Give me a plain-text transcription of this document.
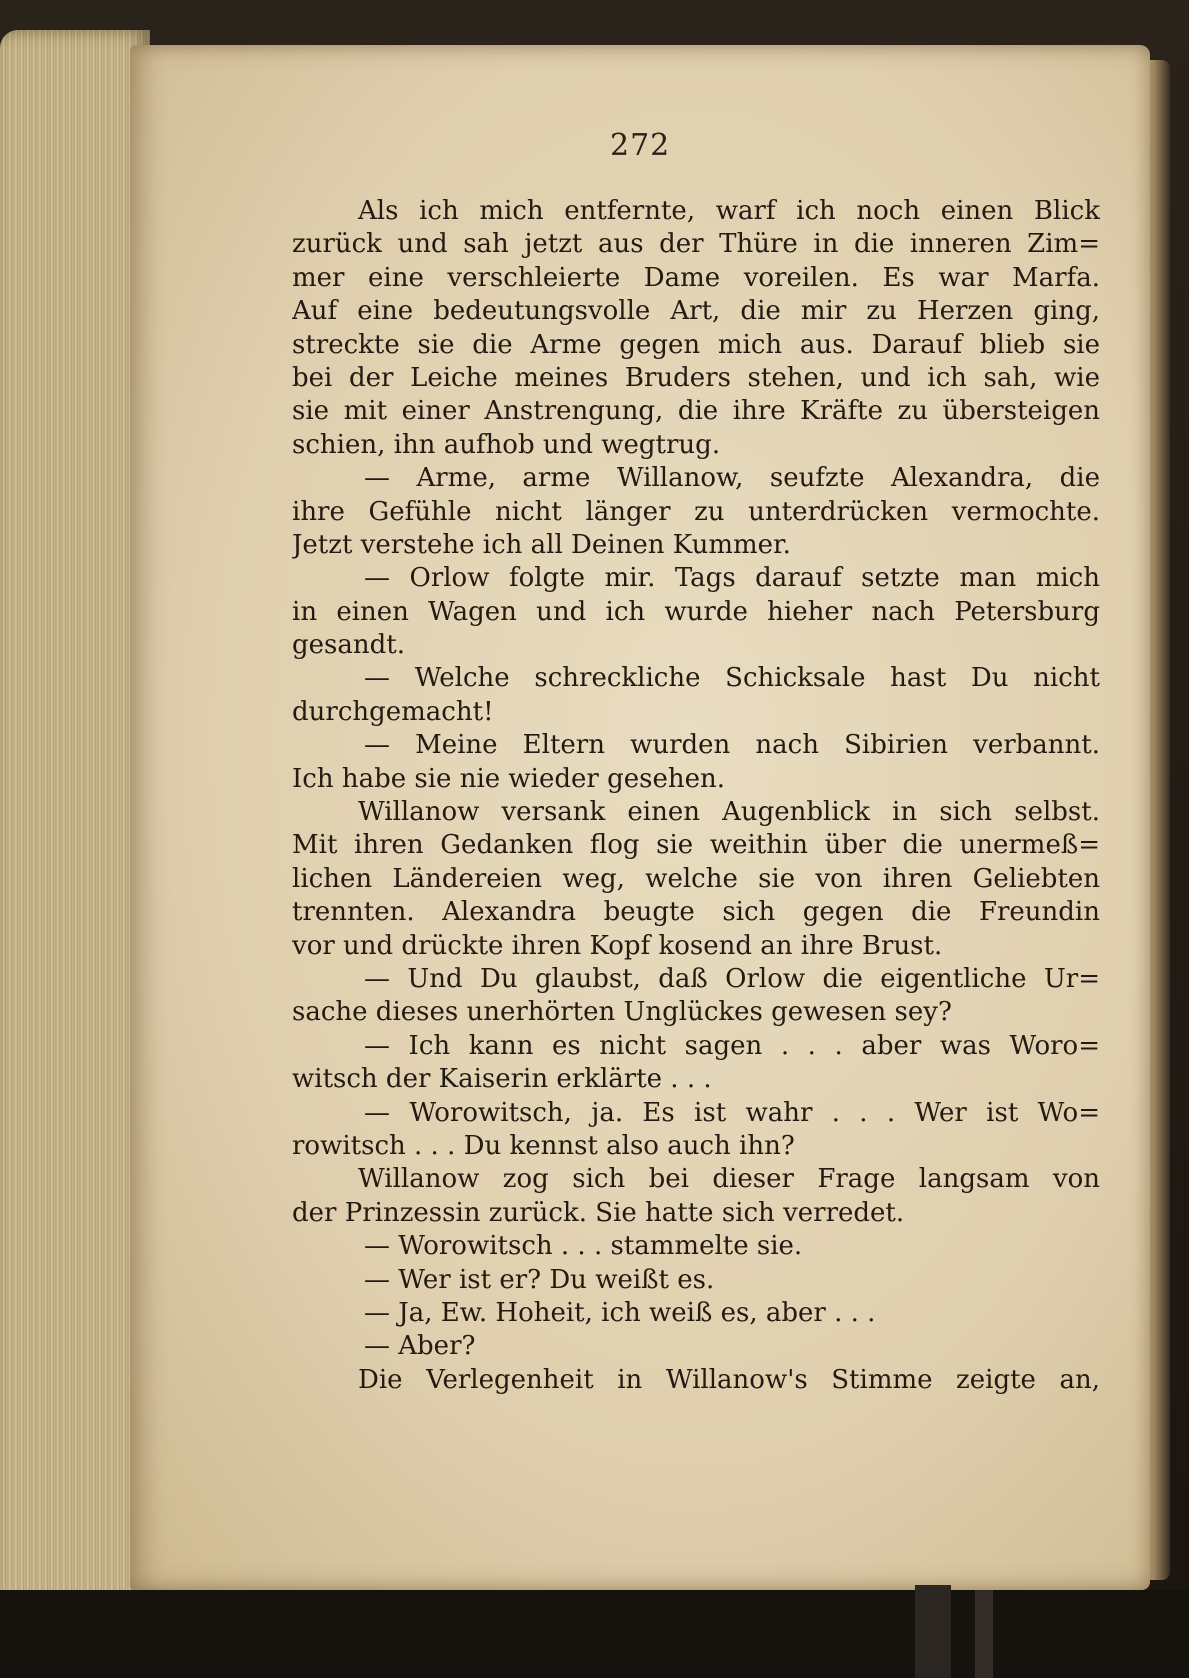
272
Als ich mich entfernte, warf ich noch einen Blick
zurück und sah jetzt aus der Thüre in die inneren Zim=
mer eine verschleierte Dame voreilen. Es war Marfa.
Auf eine bedeutungsvolle Art, die mir zu Herzen ging,
streckte sie die Arme gegen mich aus. Darauf blieb sie
bei der Leiche meines Bruders stehen, und ich sah, wie
sie mit einer Anstrengung, die ihre Kräfte zu übersteigen
schien, ihn aufhob und wegtrug.
— Arme, arme Willanow, seufzte Alexandra, die
ihre Gefühle nicht länger zu unterdrücken vermochte.
Jetzt verstehe ich all Deinen Kummer.
— Orlow folgte mir. Tags darauf setzte man mich
in einen Wagen und ich wurde hieher nach Petersburg
gesandt.
— Welche schreckliche Schicksale hast Du nicht
durchgemacht!
— Meine Eltern wurden nach Sibirien verbannt.
Ich habe sie nie wieder gesehen.
Willanow versank einen Augenblick in sich selbst.
Mit ihren Gedanken flog sie weithin über die unermeß=
lichen Ländereien weg, welche sie von ihren Geliebten
trennten. Alexandra beugte sich gegen die Freundin
vor und drückte ihren Kopf kosend an ihre Brust.
— Und Du glaubst, daß Orlow die eigentliche Ur=
sache dieses unerhörten Unglückes gewesen sey?
— Ich kann es nicht sagen . . . aber was Woro=
witsch der Kaiserin erklärte . . .
— Worowitsch, ja. Es ist wahr . . . Wer ist Wo=
rowitsch . . . Du kennst also auch ihn?
Willanow zog sich bei dieser Frage langsam von
der Prinzessin zurück. Sie hatte sich verredet.
— Worowitsch . . . stammelte sie.
— Wer ist er? Du weißt es.
— Ja, Ew. Hoheit, ich weiß es, aber . . .
— Aber?
Die Verlegenheit in Willanow's Stimme zeigte an,
